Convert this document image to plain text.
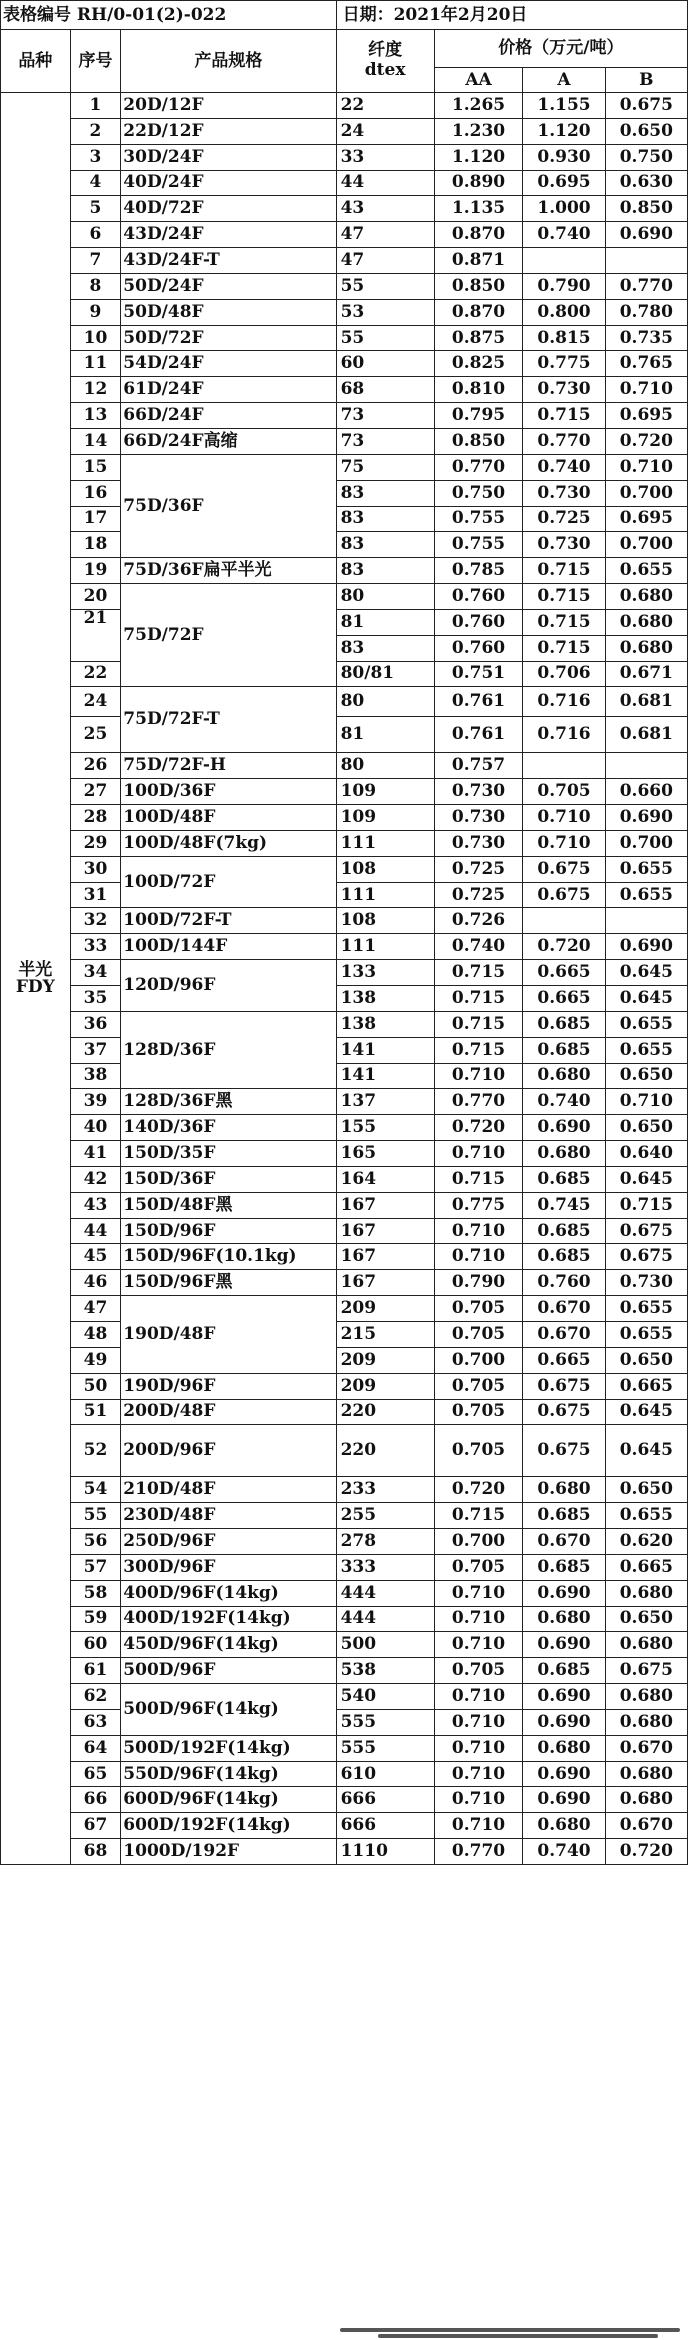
表格编号 RH/0-01(2)-022			日期：2021年2月20日			
品种	序号	产品规格	纤度
dtex	价格（万元/吨）		
				AA	A	B

半光
FDY	1	20D/12F	22	1.265	1.155	0.675
	2	22D/12F	24	1.230	1.120	0.650
	3	30D/24F	33	1.120	0.930	0.750
	4	40D/24F	44	0.890	0.695	0.630
	5	40D/72F	43	1.135	1.000	0.850
	6	43D/24F	47	0.870	0.740	0.690
	7	43D/24F-T	47	0.871		
	8	50D/24F	55	0.850	0.790	0.770
	9	50D/48F	53	0.870	0.800	0.780
	10	50D/72F	55	0.875	0.815	0.735
	11	54D/24F	60	0.825	0.775	0.765
	12	61D/24F	68	0.810	0.730	0.710
	13	66D/24F	73	0.795	0.715	0.695
	14	66D/24F高缩	73	0.850	0.770	0.720
	15	75D/36F	75	0.770	0.740	0.710
	16		83	0.750	0.730	0.700
	17		83	0.755	0.725	0.695
	18		83	0.755	0.730	0.700
	19	75D/36F扁平半光	83	0.785	0.715	0.655
	20	75D/72F	80	0.760	0.715	0.680
	21		81	0.760	0.715	0.680
			83	0.760	0.715	0.680
	22		80/81	0.751	0.706	0.671
	24	75D/72F-T	80	0.761	0.716	0.681
	25		81	0.761	0.716	0.681
	26	75D/72F-H	80	0.757		
	27	100D/36F	109	0.730	0.705	0.660
	28	100D/48F	109	0.730	0.710	0.690
	29	100D/48F(7kg)	111	0.730	0.710	0.700
	30	100D/72F	108	0.725	0.675	0.655
	31		111	0.725	0.675	0.655
	32	100D/72F-T	108	0.726		
	33	100D/144F	111	0.740	0.720	0.690
	34	120D/96F	133	0.715	0.665	0.645
	35		138	0.715	0.665	0.645
	36	128D/36F	138	0.715	0.685	0.655
	37		141	0.715	0.685	0.655
	38		141	0.710	0.680	0.650
	39	128D/36F黑	137	0.770	0.740	0.710
	40	140D/36F	155	0.720	0.690	0.650
	41	150D/35F	165	0.710	0.680	0.640
	42	150D/36F	164	0.715	0.685	0.645
	43	150D/48F黑	167	0.775	0.745	0.715
	44	150D/96F	167	0.710	0.685	0.675
	45	150D/96F(10.1kg)	167	0.710	0.685	0.675
	46	150D/96F黑	167	0.790	0.760	0.730
	47	190D/48F	209	0.705	0.670	0.655
	48		215	0.705	0.670	0.655
	49		209	0.700	0.665	0.650
	50	190D/96F	209	0.705	0.675	0.665
	51	200D/48F	220	0.705	0.675	0.645
	52	200D/96F	220	0.705	0.675	0.645
	54	210D/48F	233	0.720	0.680	0.650
	55	230D/48F	255	0.715	0.685	0.655
	56	250D/96F	278	0.700	0.670	0.620
	57	300D/96F	333	0.705	0.685	0.665
	58	400D/96F(14kg)	444	0.710	0.690	0.680
	59	400D/192F(14kg)	444	0.710	0.680	0.650
	60	450D/96F(14kg)	500	0.710	0.690	0.680
	61	500D/96F	538	0.705	0.685	0.675
	62	500D/96F(14kg)	540	0.710	0.690	0.680
	63		555	0.710	0.690	0.680
	64	500D/192F(14kg)	555	0.710	0.680	0.670
	65	550D/96F(14kg)	610	0.710	0.690	0.680
	66	600D/96F(14kg)	666	0.710	0.690	0.680
	67	600D/192F(14kg)	666	0.710	0.680	0.670
	68	1000D/192F	1110	0.770	0.740	0.720
